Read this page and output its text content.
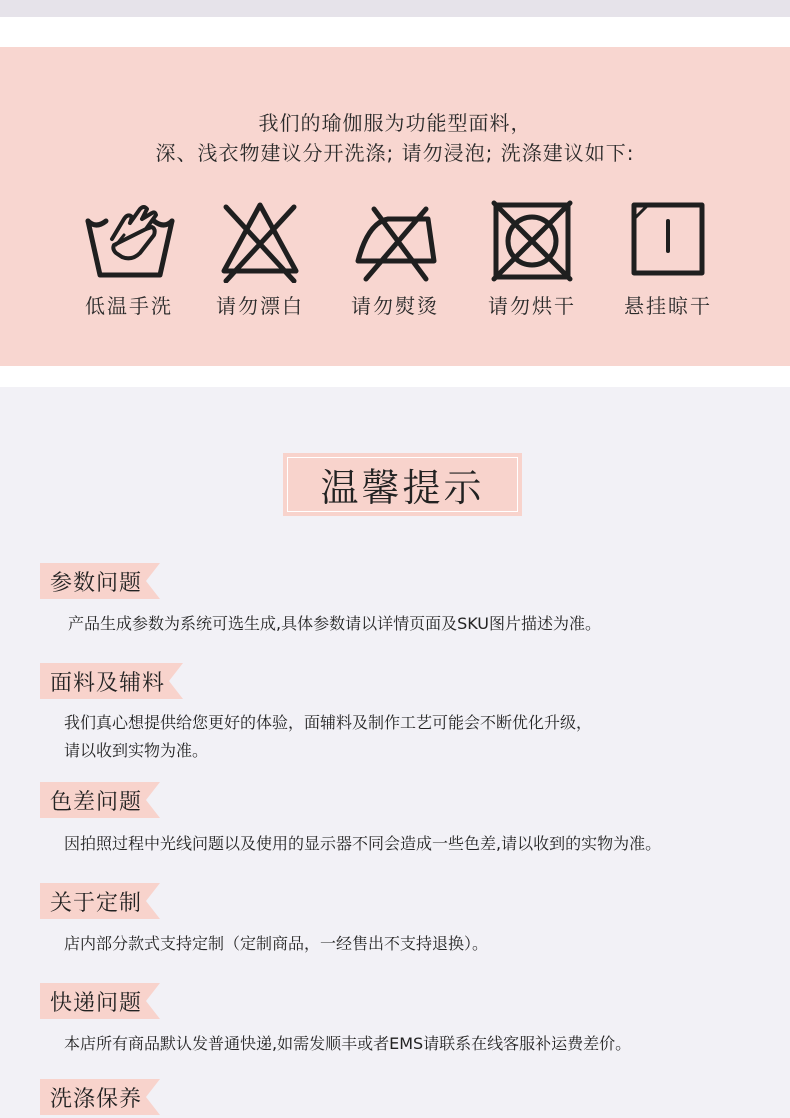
我们的瑜伽服为功能型面料，
深、浅衣物建议分开洗涤; 请勿浸泡; 洗涤建议如下:
低温手洗	请勿漂白	请勿熨烫	请勿烘干	悬挂晾干
温馨提示
参数问题
产品生成参数为系统可选生成,具体参数请以详情页面及SKU图片描述为准。
面料及辅料
我们真心想提供给您更好的体验，面辅料及制作工艺可能会不断优化升级，
请以收到实物为准。
色差问题
因拍照过程中光线问题以及使用的显示器不同会造成一些色差,请以收到的实物为准。
关于定制
店内部分款式支持定制（定制商品，一经售出不支持退换）。
快递问题
本店所有商品默认发普通快递,如需发顺丰或者EMS请联系在线客服补运费差价。
洗涤保养
